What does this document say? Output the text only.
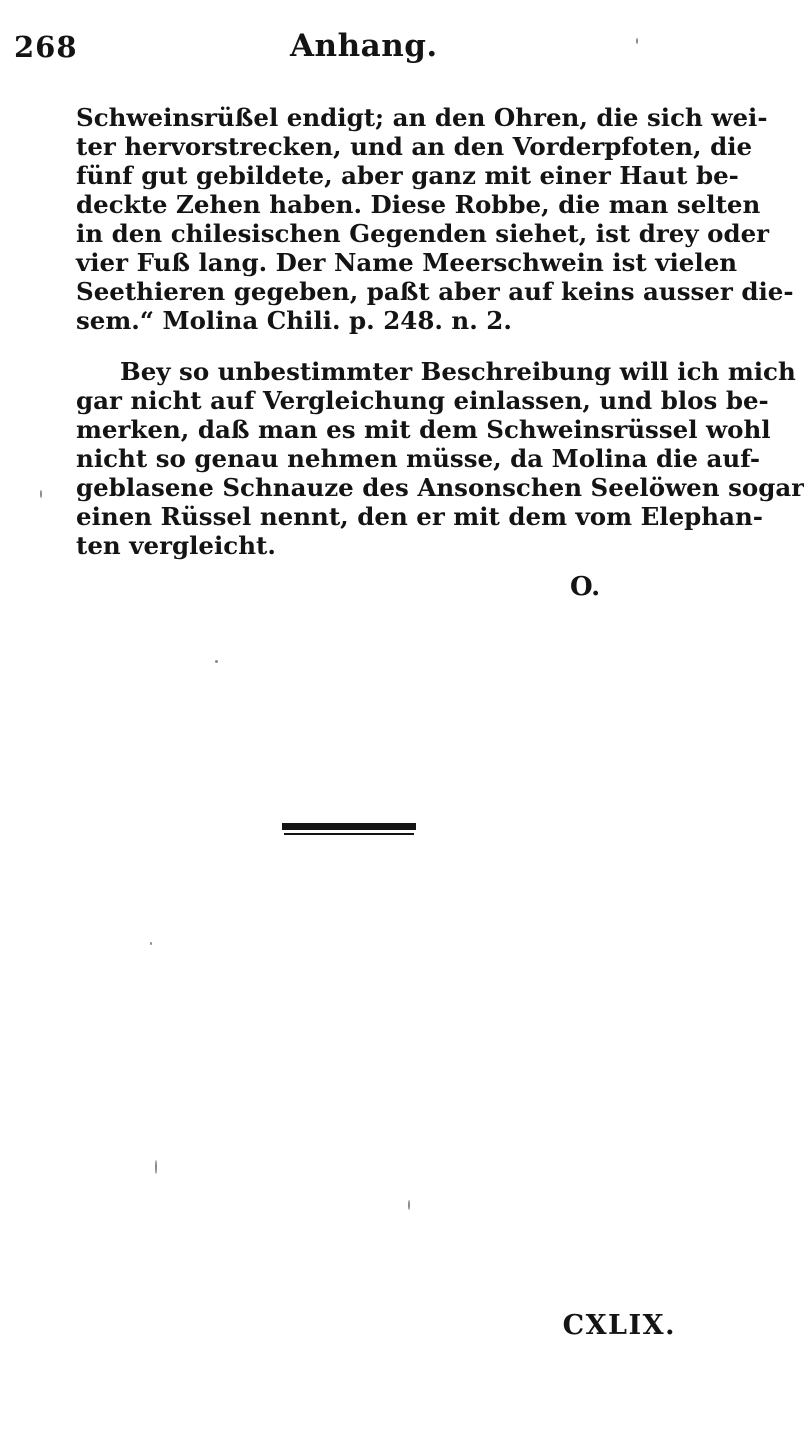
268	Anhang.
Schweinsrüßel endigt; an den Ohren, die sich wei-
ter hervorstrecken, und an den Vorderpfoten, die
fünf gut gebildete, aber ganz mit einer Haut be-
deckte Zehen haben. Diese Robbe, die man selten
in den chilesischen Gegenden siehet, ist drey oder
vier Fuß lang. Der Name Meerschwein ist vielen
Seethieren gegeben, paßt aber auf keins ausser die-
sem.“ Molina Chili. p. 248. n. 2.
Bey so unbestimmter Beschreibung will ich mich
gar nicht auf Vergleichung einlassen, und blos be-
merken, daß man es mit dem Schweinsrüssel wohl
nicht so genau nehmen müsse, da Molina die auf-
geblasene Schnauze des Ansonschen Seelöwen sogar
einen Rüssel nennt, den er mit dem vom Elephan-
ten vergleicht.
O.
CXLIX.
